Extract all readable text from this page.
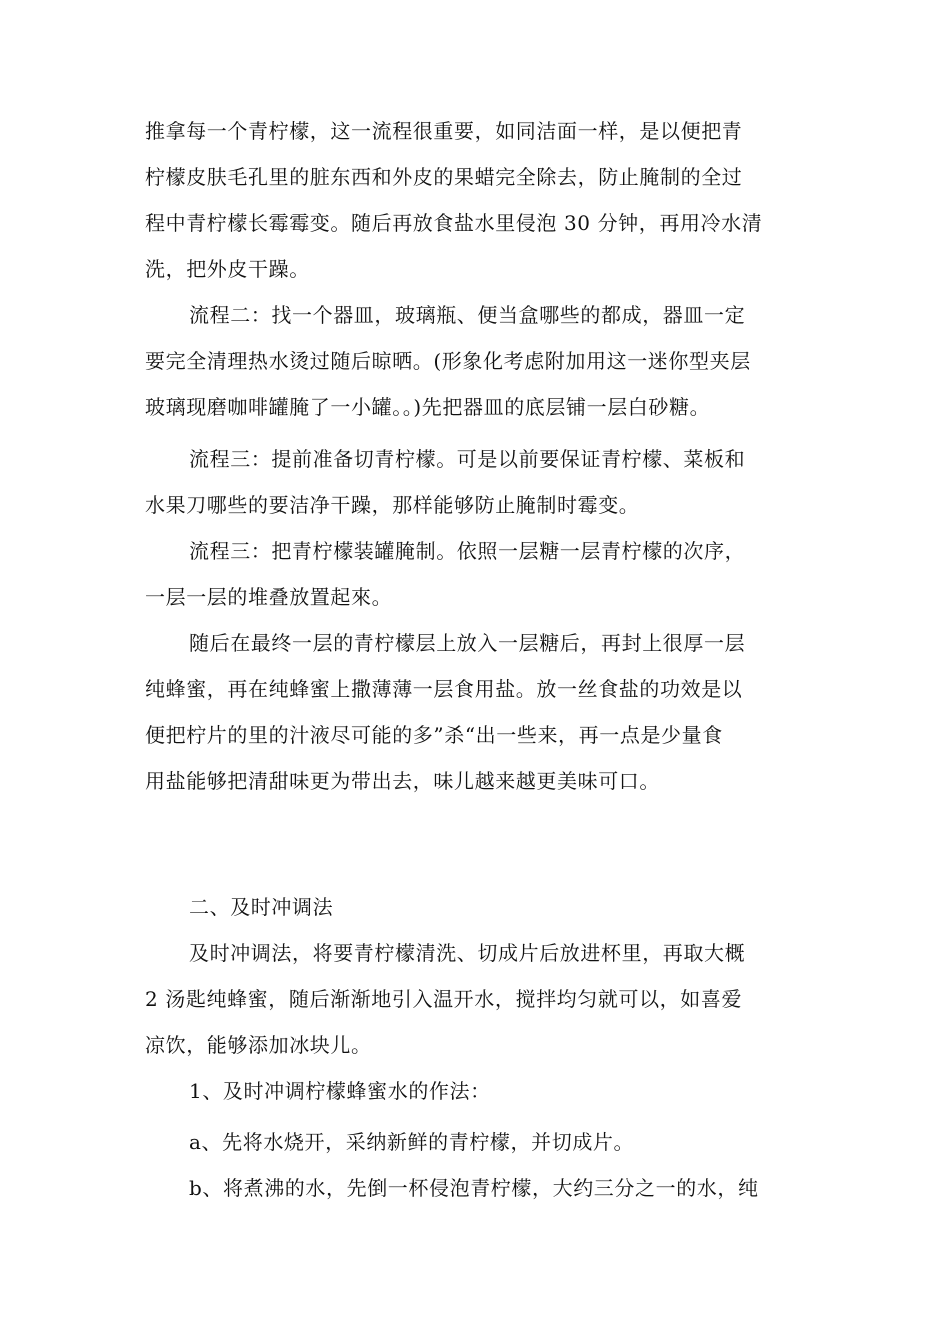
推拿每一个青柠檬，这一流程很重要，如同洁面一样，是以便把青
柠檬皮肤毛孔里的脏东西和外皮的果蜡完全除去，防止腌制的全过
程中青柠檬长霉霉变。随后再放食盐水里侵泡 30 分钟，再用冷水清
洗，把外皮干躁。
流程二：找一个器皿，玻璃瓶、便当盒哪些的都成，器皿一定
要完全清理热水烫过随后晾晒。(形象化考虑附加用这一迷你型夹层
玻璃现磨咖啡罐腌了一小罐。。)先把器皿的底层铺一层白砂糖。
流程三：提前准备切青柠檬。可是以前要保证青柠檬、菜板和
水果刀哪些的要洁净干躁，那样能够防止腌制时霉变。
流程三：把青柠檬装罐腌制。依照一层糖一层青柠檬的次序，
一层一层的堆叠放置起來。
随后在最终一层的青柠檬层上放入一层糖后，再封上很厚一层
纯蜂蜜，再在纯蜂蜜上撒薄薄一层食用盐。放一丝食盐的功效是以
便把柠片的里的汁液尽可能的多”杀“出一些来，再一点是少量食
用盐能够把清甜味更为带出去，味儿越来越更美味可口。
二、及时冲调法
及时冲调法，将要青柠檬清洗、切成片后放进杯里，再取大概
2 汤匙纯蜂蜜，随后渐渐地引入温开水，搅拌均匀就可以，如喜爱
凉饮，能够添加冰块儿。
1、及时冲调柠檬蜂蜜水的作法：
a、先将水烧开，采纳新鲜的青柠檬，并切成片。
b、将煮沸的水，先倒一杯侵泡青柠檬，大约三分之一的水，纯
